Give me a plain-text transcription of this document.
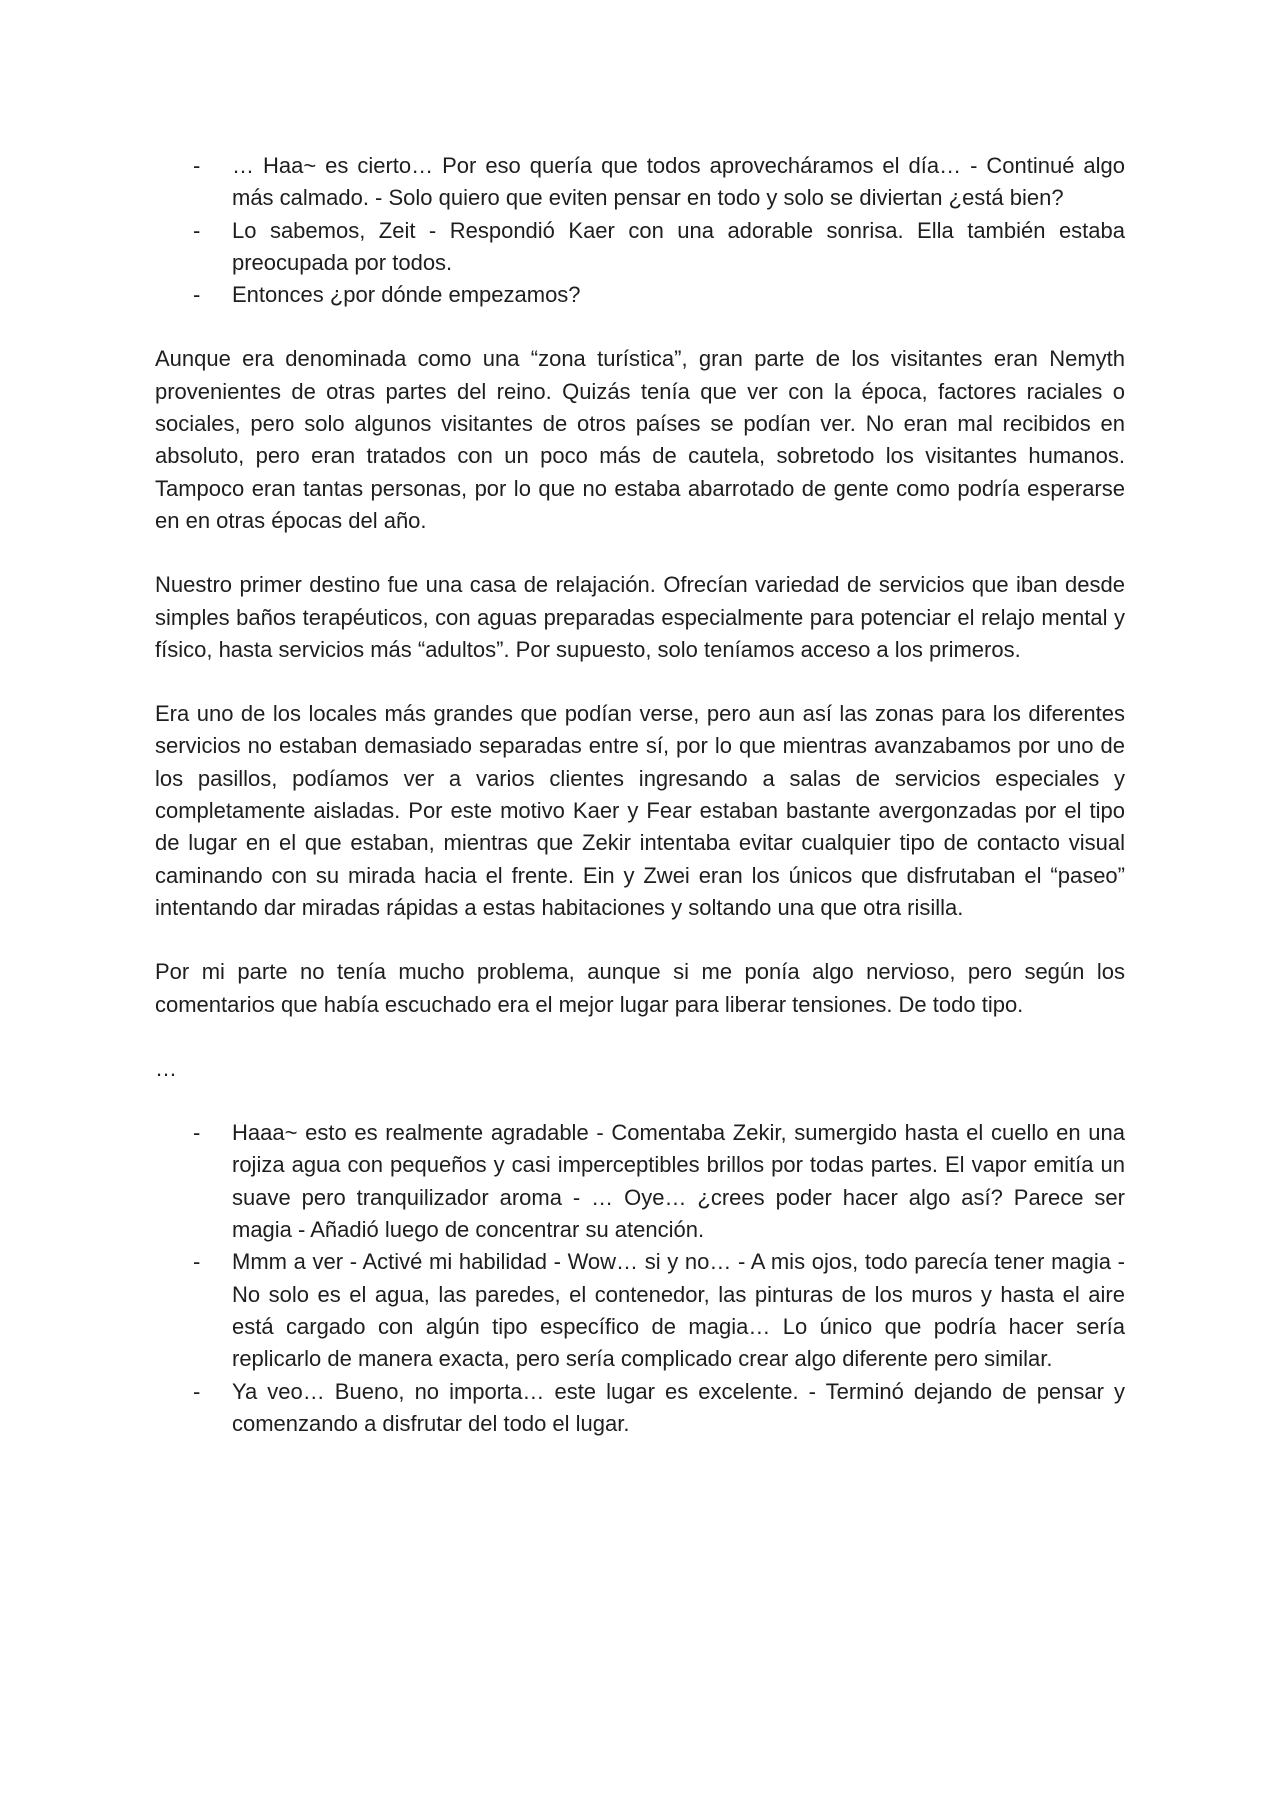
- … Haa~ es cierto… Por eso quería que todos aprovecháramos el día… - Continué algo más calmado. - Solo quiero que eviten pensar en todo y solo se diviertan ¿está bien?
- Lo sabemos, Zeit - Respondió Kaer con una adorable sonrisa. Ella también estaba preocupada por todos.
- Entonces ¿por dónde empezamos?

Aunque era denominada como una “zona turística”, gran parte de los visitantes eran Nemyth provenientes de otras partes del reino. Quizás tenía que ver con la época, factores raciales o sociales, pero solo algunos visitantes de otros países se podían ver. No eran mal recibidos en absoluto, pero eran tratados con un poco más de cautela, sobretodo los visitantes humanos. Tampoco eran tantas personas, por lo que no estaba abarrotado de gente como podría esperarse en en otras épocas del año.

Nuestro primer destino fue una casa de relajación. Ofrecían variedad de servicios que iban desde simples baños terapéuticos, con aguas preparadas especialmente para potenciar el relajo mental y físico, hasta servicios más “adultos”. Por supuesto, solo teníamos acceso a los primeros.

Era uno de los locales más grandes que podían verse, pero aun así las zonas para los diferentes servicios no estaban demasiado separadas entre sí, por lo que mientras avanzabamos por uno de los pasillos, podíamos ver a varios clientes ingresando a salas de servicios especiales y completamente aisladas. Por este motivo Kaer y Fear estaban bastante avergonzadas por el tipo de lugar en el que estaban, mientras que Zekir intentaba evitar cualquier tipo de contacto visual caminando con su mirada hacia el frente. Ein y Zwei eran los únicos que disfrutaban el “paseo” intentando dar miradas rápidas a estas habitaciones y soltando una que otra risilla.

Por mi parte no tenía mucho problema, aunque si me ponía algo nervioso, pero según los comentarios que había escuchado era el mejor lugar para liberar tensiones. De todo tipo.

…

- Haaa~ esto es realmente agradable - Comentaba Zekir, sumergido hasta el cuello en una rojiza agua con pequeños y casi imperceptibles brillos por todas partes. El vapor emitía un suave pero tranquilizador aroma - … Oye… ¿crees poder hacer algo así? Parece ser magia - Añadió luego de concentrar su atención.
- Mmm a ver - Activé mi habilidad - Wow… si y no… - A mis ojos, todo parecía tener magia - No solo es el agua, las paredes, el contenedor, las pinturas de los muros y hasta el aire está cargado con algún tipo específico de magia… Lo único que podría hacer sería replicarlo de manera exacta, pero sería complicado crear algo diferente pero similar.
- Ya veo… Bueno, no importa… este lugar es excelente. - Terminó dejando de pensar y comenzando a disfrutar del todo el lugar.
